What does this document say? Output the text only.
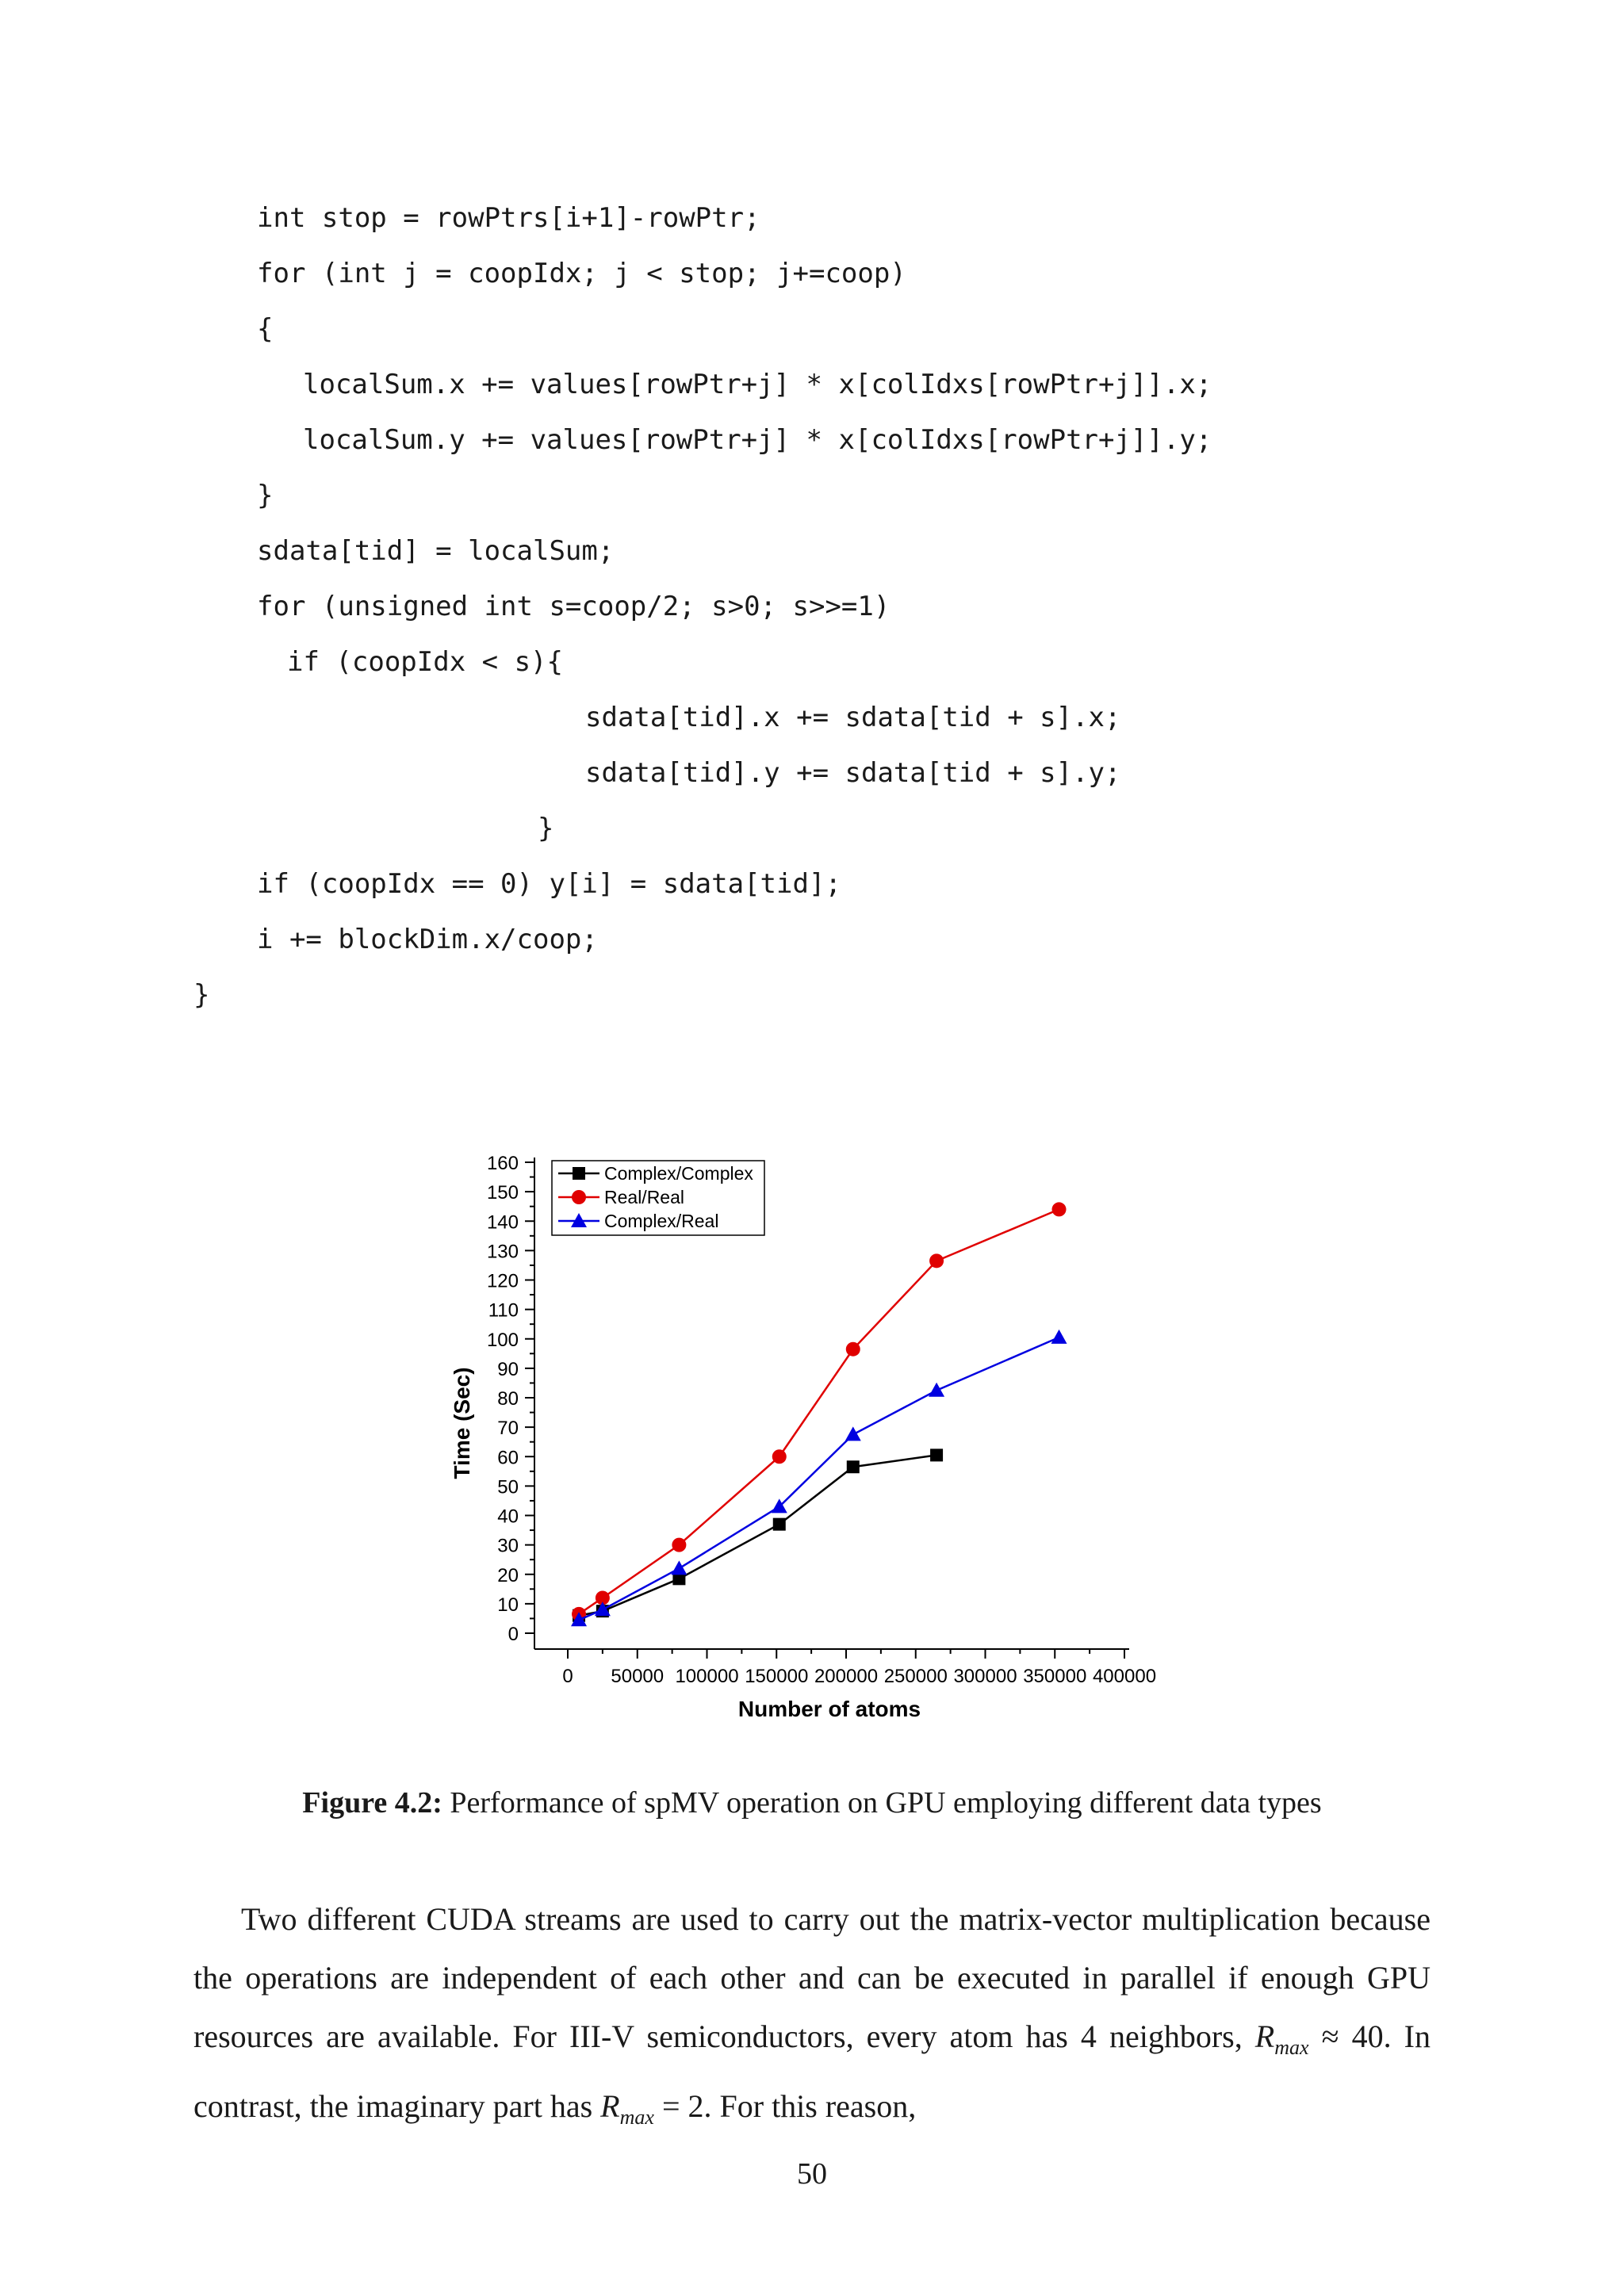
int stop = rowPtrs[i+1]-rowPtr;

for (int j = coopIdx; j < stop; j+=coop)

{

localSum.x += values[rowPtr+j] * x[colIdxs[rowPtr+j]].x;

localSum.y += values[rowPtr+j] * x[colIdxs[rowPtr+j]].y;

}

sdata[tid] = localSum;

for (unsigned int s=coop/2; s>0; s>>=1)

if (coopIdx < s){

sdata[tid].x += sdata[tid + s].x;

sdata[tid].y += sdata[tid + s].y;

}

if (coopIdx == 0) y[i] = sdata[tid];

i += blockDim.x/coop;

}

0
10
20
30
40
50
60
70
80
90
100
110
120
130
140
150
160
0 50000 100000 150000 200000 250000 300000 350000 400000
Complex/Complex
Real/Real
Complex/Real
Number of atoms
Time (Sec)
Figure 4.2: Performance of spMV operation on GPU employing different data types
Two different CUDA streams are used to carry out the matrix-vector multiplication because the operations are independent of each other and can be executed in parallel if enough GPU resources are available. For III-V semiconductors, every atom has 4 neighbors, $R_{max} \approx 40$. In contrast, the imaginary part has $R_{max} = 2$. For this reason,
50
